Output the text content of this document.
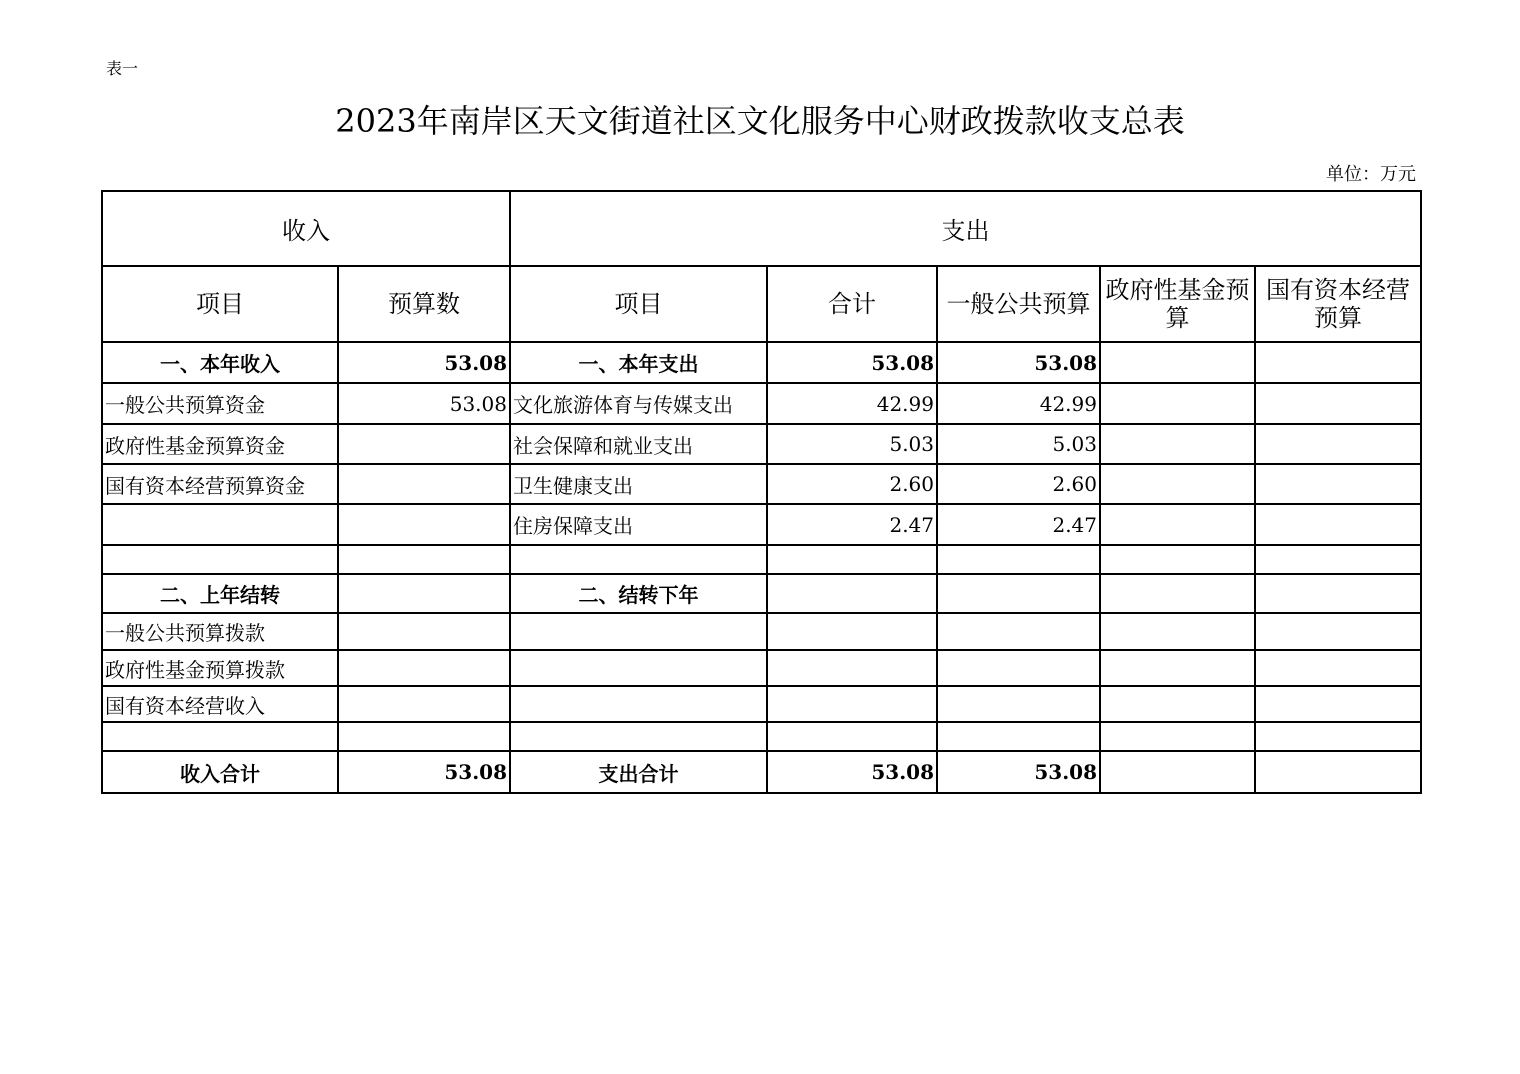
表一
2023年南岸区天文街道社区文化服务中心财政拨款收支总表
单位：万元
收入		支出				
项目	预算数	项目	合计	一般公共预算	政府性基金预算	国有资本经营预算
一、本年收入	53.08	一、本年支出	53.08	53.08		
一般公共预算资金	53.08	文化旅游体育与传媒支出	42.99	42.99		
政府性基金预算资金		社会保障和就业支出	5.03	5.03		
国有资本经营预算资金		卫生健康支出	2.60	2.60		
		住房保障支出	2.47	2.47		

二、上年结转		二、结转下年				
一般公共预算拨款						
政府性基金预算拨款						
国有资本经营收入						

收入合计	53.08	支出合计	53.08	53.08		
